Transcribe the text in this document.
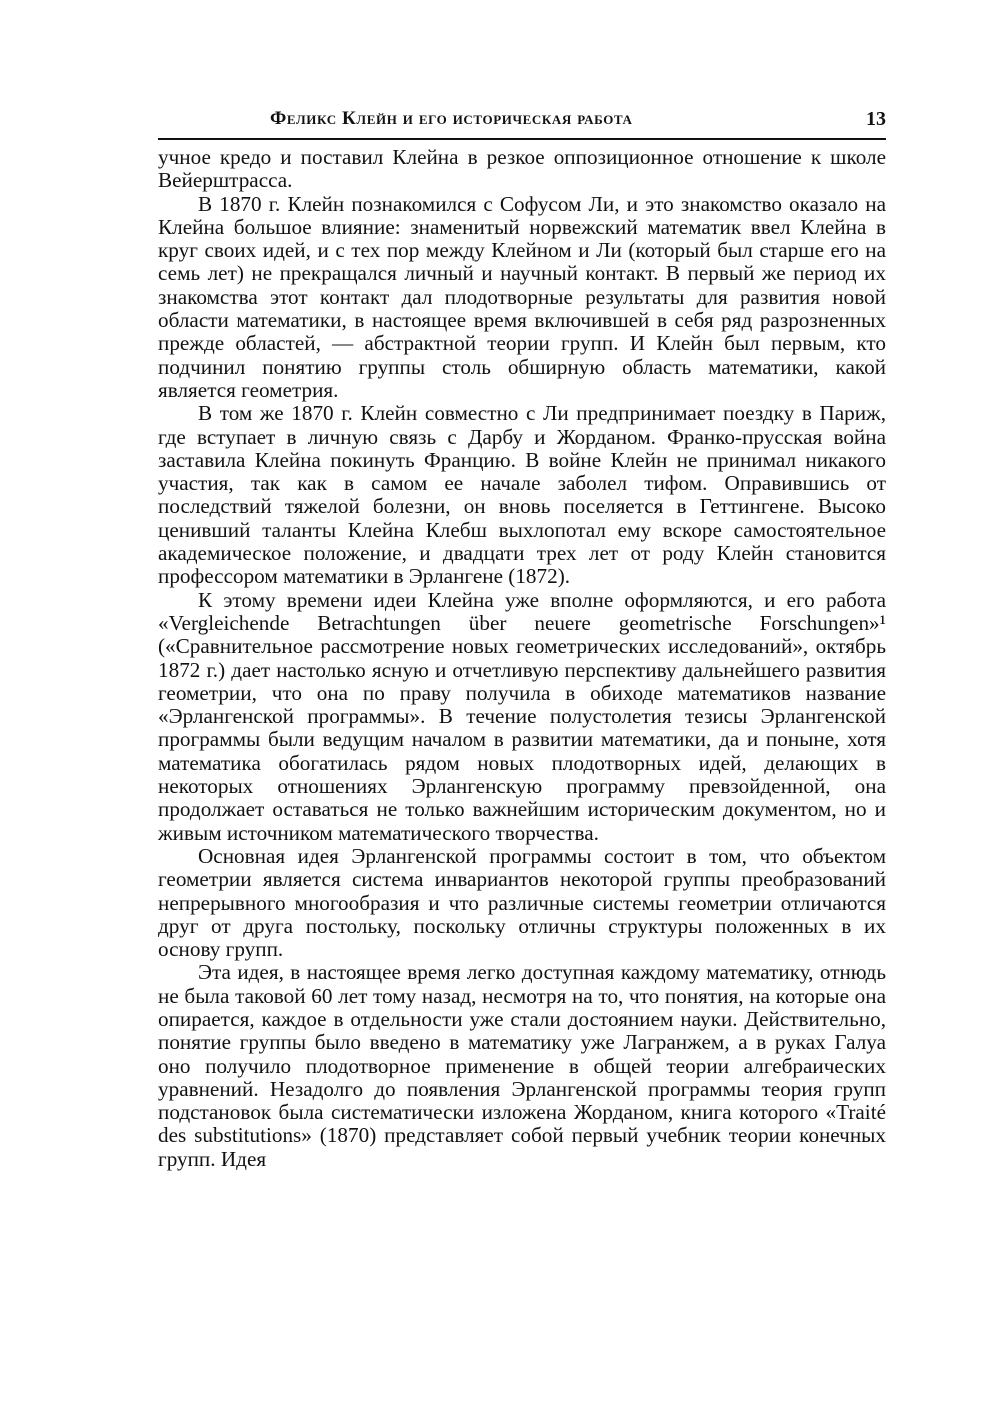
Феликс Клейн и его историческая работа	13

учное кредо и поставил Клейна в резкое оппозиционное отношение к школе Вейерштрасса.

В 1870 г. Клейн познакомился с Софусом Ли, и это знакомство оказало на Клейна большое влияние: знаменитый норвежский математик ввел Клейна в круг своих идей, и с тех пор между Клейном и Ли (который был старше его на семь лет) не прекращался личный и научный контакт. В первый же период их знакомства этот контакт дал плодотворные результаты для развития новой области математики, в настоящее время включившей в себя ряд разрозненных прежде областей, — абстрактной теории групп. И Клейн был первым, кто подчинил понятию группы столь обширную область математики, какой является геометрия.

В том же 1870 г. Клейн совместно с Ли предпринимает поездку в Париж, где вступает в личную связь с Дарбу и Жорданом. Франко-прусская война заставила Клейна покинуть Францию. В войне Клейн не принимал никакого участия, так как в самом ее начале заболел тифом. Оправившись от последствий тяжелой болезни, он вновь поселяется в Геттингене. Высоко ценивший таланты Клейна Клебш выхлопотал ему вскоре самостоятельное академическое положение, и двадцати трех лет от роду Клейн становится профессором математики в Эрлангене (1872).

К этому времени идеи Клейна уже вполне оформляются, и его работа «Vergleichende Betrachtungen über neuere geometrische Forschungen»¹ («Сравнительное рассмотрение новых геометрических исследований», октябрь 1872 г.) дает настолько ясную и отчетливую перспективу дальнейшего развития геометрии, что она по праву получила в обиходе математиков название «Эрлангенской программы». В течение полустолетия тезисы Эрлангенской программы были ведущим началом в развитии математики, да и поныне, хотя математика обогатилась рядом новых плодотворных идей, делающих в некоторых отношениях Эрлангенскую программу превзойденной, она продолжает оставаться не только важнейшим историческим документом, но и живым источником математического творчества.

Основная идея Эрлангенской программы состоит в том, что объектом геометрии является система инвариантов некоторой группы преобразований непрерывного многообразия и что различные системы геометрии отличаются друг от друга постольку, поскольку отличны структуры положенных в их основу групп.

Эта идея, в настоящее время легко доступная каждому математику, отнюдь не была таковой 60 лет тому назад, несмотря на то, что понятия, на которые она опирается, каждое в отдельности уже стали достоянием науки. Действительно, понятие группы было введено в математику уже Лагранжем, а в руках Галуа оно получило плодотворное применение в общей теории алгебраических уравнений. Незадолго до появления Эрлангенской программы теория групп подстановок была систематически изложена Жорданом, книга которого «Traité des substitutions» (1870) представляет собой первый учебник теории конечных групп. Идея
